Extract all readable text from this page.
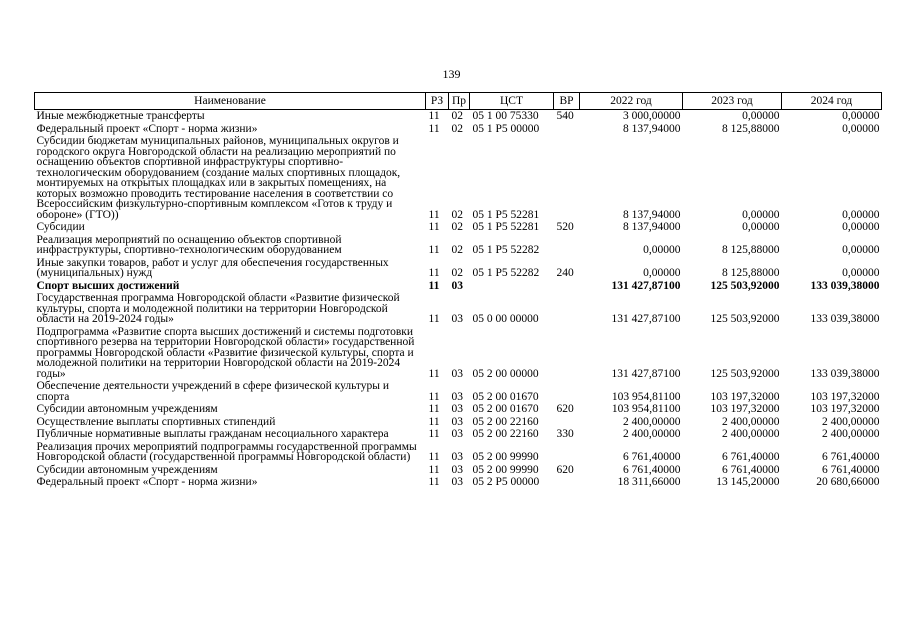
139
Наименование	РЗ	Пр	ЦСТ	ВР	2022 год	2023 год	2024 год
Иные межбюджетные трансферты	11	02	05 1 00 75330	540	3 000,00000	0,00000	0,00000
Федеральный проект «Спорт - норма жизни»	11	02	05 1 P5 00000		8 137,94000	8 125,88000	0,00000
Субсидии бюджетам муниципальных районов, муниципальных округов и городского округа Новгородской области на реализацию мероприятий по оснащению объектов спортивной инфраструктуры спортивно-технологическим оборудованием (создание малых спортивных площадок, монтируемых на открытых площадках или в закрытых помещениях, на которых возможно проводить тестирование населения в соответствии со Всероссийским физкультурно-спортивным комплексом «Готов к труду и обороне» (ГТО))	11	02	05 1 P5 52281		8 137,94000	0,00000	0,00000
Субсидии	11	02	05 1 P5 52281	520	8 137,94000	0,00000	0,00000
Реализация мероприятий по оснащению объектов спортивной инфраструктуры, спортивно-технологическим оборудованием	11	02	05 1 P5 52282		0,00000	8 125,88000	0,00000
Иные закупки товаров, работ и услуг для обеспечения государственных (муниципальных) нужд	11	02	05 1 P5 52282	240	0,00000	8 125,88000	0,00000
Спорт высших достижений	11	03			131 427,87100	125 503,92000	133 039,38000
Государственная программа Новгородской области «Развитие физической культуры, спорта и молодежной политики на территории Новгородской области на 2019-2024 годы»	11	03	05 0 00 00000		131 427,87100	125 503,92000	133 039,38000
Подпрограмма «Развитие спорта высших достижений и системы подготовки спортивного резерва на территории Новгородской области» государственной программы Новгородской области «Развитие физической культуры, спорта и молодежной политики на территории Новгородской области на 2019-2024 годы»	11	03	05 2 00 00000		131 427,87100	125 503,92000	133 039,38000
Обеспечение деятельности учреждений в сфере физической культуры и спорта	11	03	05 2 00 01670		103 954,81100	103 197,32000	103 197,32000
Субсидии автономным учреждениям	11	03	05 2 00 01670	620	103 954,81100	103 197,32000	103 197,32000
Осуществление выплаты спортивных стипендий	11	03	05 2 00 22160		2 400,00000	2 400,00000	2 400,00000
Публичные нормативные выплаты гражданам несоциального характера	11	03	05 2 00 22160	330	2 400,00000	2 400,00000	2 400,00000
Реализация прочих мероприятий подпрограммы государственной программы Новгородской области (государственной программы Новгородской области)	11	03	05 2 00 99990		6 761,40000	6 761,40000	6 761,40000
Субсидии автономным учреждениям	11	03	05 2 00 99990	620	6 761,40000	6 761,40000	6 761,40000
Федеральный проект «Спорт - норма жизни»	11	03	05 2 P5 00000		18 311,66000	13 145,20000	20 680,66000
